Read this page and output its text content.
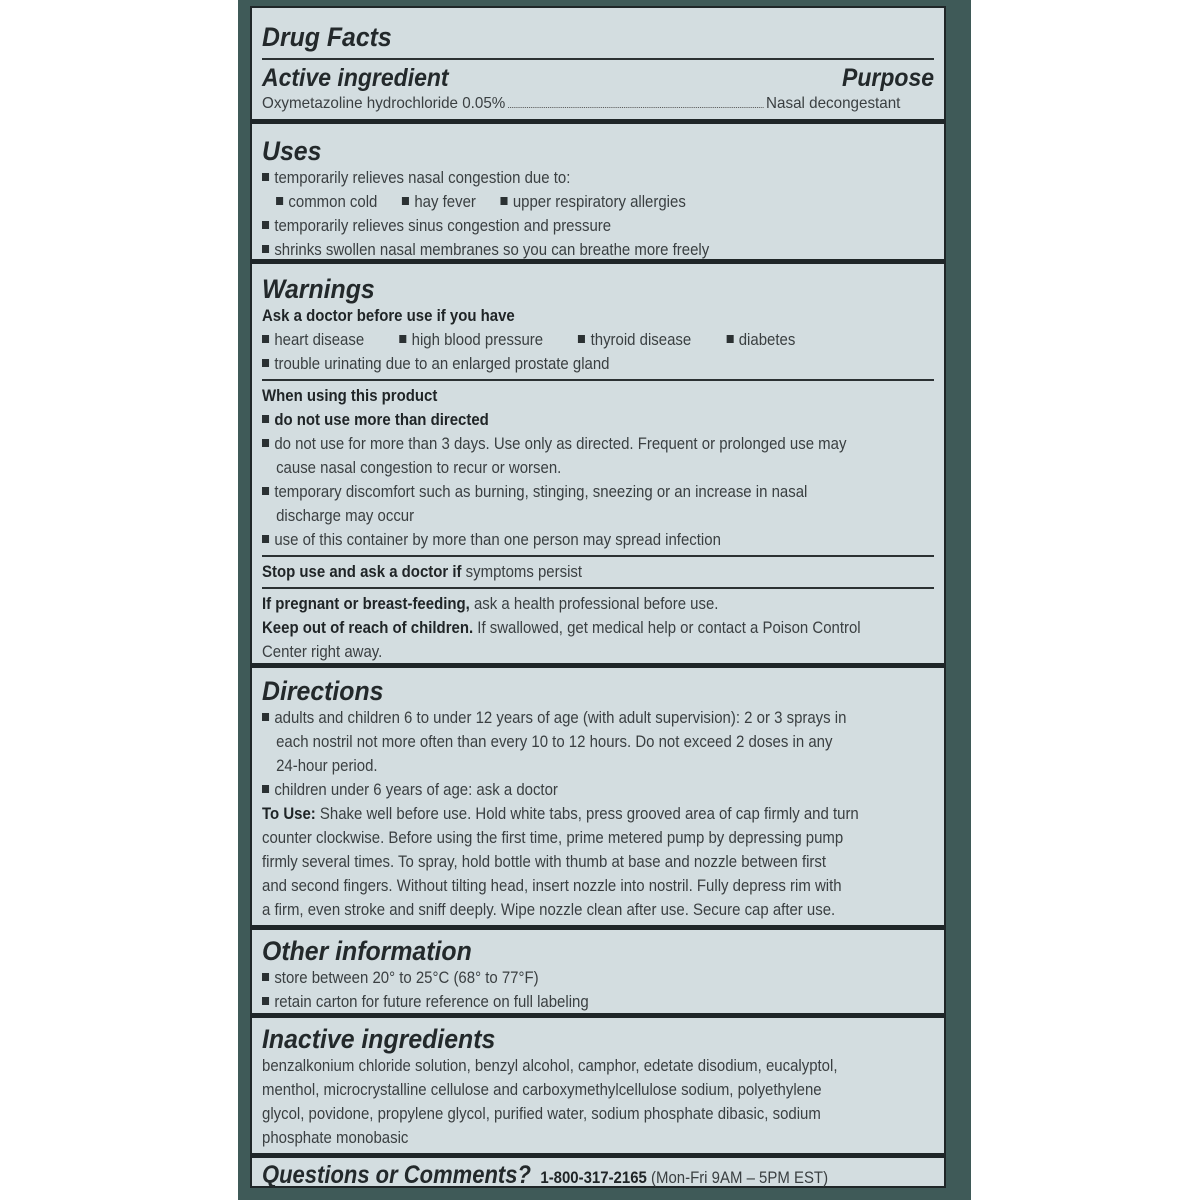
Drug Facts
Active ingredient	Purpose
Oxymetazoline hydrochloride 0.05%	Nasal decongestant
Uses
temporarily relieves nasal congestion due to:
common cold hay fever upper respiratory allergies
temporarily relieves sinus congestion and pressure
shrinks swollen nasal membranes so you can breathe more freely
Warnings
Ask a doctor before use if you have
heart disease	high blood pressure	thyroid disease	diabetes
trouble urinating due to an enlarged prostate gland
When using this product
do not use more than directed
do not use for more than 3 days. Use only as directed. Frequent or prolonged use may
cause nasal congestion to recur or worsen.
temporary discomfort such as burning, stinging, sneezing or an increase in nasal
discharge may occur
use of this container by more than one person may spread infection
Stop use and ask a doctor if symptoms persist
If pregnant or breast-feeding, ask a health professional before use.
Keep out of reach of children. If swallowed, get medical help or contact a Poison Control
Center right away.
Directions
adults and children 6 to under 12 years of age (with adult supervision): 2 or 3 sprays in
each nostril not more often than every 10 to 12 hours. Do not exceed 2 doses in any
24-hour period.
children under 6 years of age: ask a doctor
To Use: Shake well before use. Hold white tabs, press grooved area of cap firmly and turn
counter clockwise. Before using the first time, prime metered pump by depressing pump
firmly several times. To spray, hold bottle with thumb at base and nozzle between first
and second fingers. Without tilting head, insert nozzle into nostril. Fully depress rim with
a firm, even stroke and sniff deeply. Wipe nozzle clean after use. Secure cap after use.
Other information
store between 20° to 25°C (68° to 77°F)
retain carton for future reference on full labeling
Inactive ingredients
benzalkonium chloride solution, benzyl alcohol, camphor, edetate disodium, eucalyptol,
menthol, microcrystalline cellulose and carboxymethylcellulose sodium, polyethylene
glycol, povidone, propylene glycol, purified water, sodium phosphate dibasic, sodium
phosphate monobasic
Questions or Comments? 1-800-317-2165 (Mon-Fri 9AM – 5PM EST)
